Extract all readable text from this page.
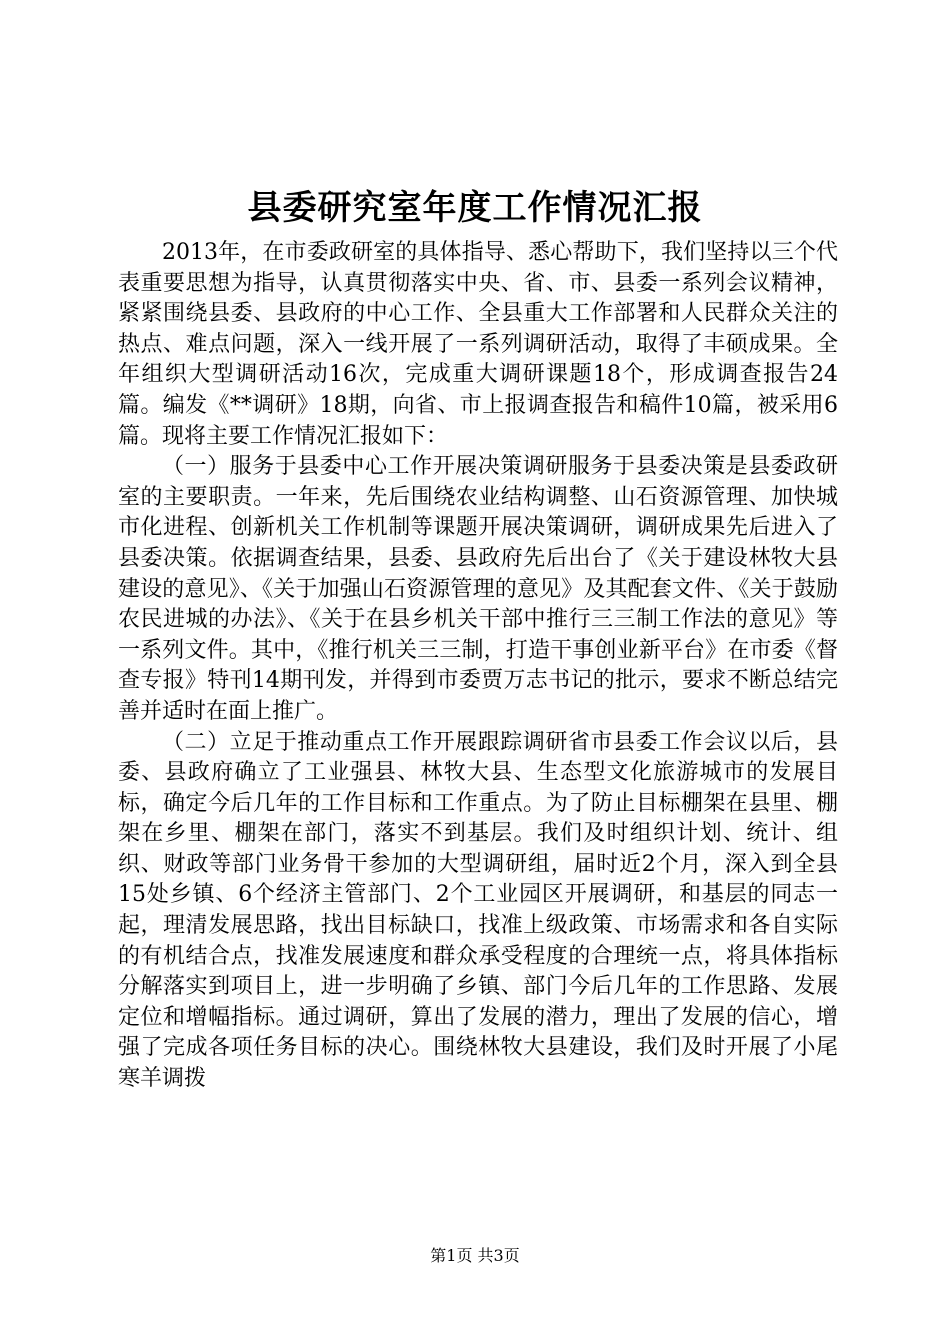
县委研究室年度工作情况汇报

2013年，在市委政研室的具体指导、悉心帮助下，我们坚持以三个代表重要思想为指导，认真贯彻落实中央、省、市、县委一系列会议精神，紧紧围绕县委、县政府的中心工作、全县重大工作部署和人民群众关注的热点、难点问题，深入一线开展了一系列调研活动，取得了丰硕成果。全年组织大型调研活动16次，完成重大调研课题18个，形成调查报告24篇。编发《**调研》18期，向省、市上报调查报告和稿件10篇，被采用6篇。现将主要工作情况汇报如下：

（一）服务于县委中心工作开展决策调研服务于县委决策是县委政研室的主要职责。一年来，先后围绕农业结构调整、山石资源管理、加快城市化进程、创新机关工作机制等课题开展决策调研，调研成果先后进入了县委决策。依据调查结果，县委、县政府先后出台了《关于建设林牧大县建设的意见》、《关于加强山石资源管理的意见》及其配套文件、《关于鼓励农民进城的办法》、《关于在县乡机关干部中推行三三制工作法的意见》等一系列文件。其中，《推行机关三三制，打造干事创业新平台》在市委《督查专报》特刊14期刊发，并得到市委贾万志书记的批示，要求不断总结完善并适时在面上推广。

（二）立足于推动重点工作开展跟踪调研省市县委工作会议以后，县委、县政府确立了工业强县、林牧大县、生态型文化旅游城市的发展目标，确定今后几年的工作目标和工作重点。为了防止目标棚架在县里、棚架在乡里、棚架在部门，落实不到基层。我们及时组织计划、统计、组织、财政等部门业务骨干参加的大型调研组，届时近2个月，深入到全县15处乡镇、6个经济主管部门、2个工业园区开展调研，和基层的同志一起，理清发展思路，找出目标缺口，找准上级政策、市场需求和各自实际的有机结合点，找准发展速度和群众承受程度的合理统一点，将具体指标分解落实到项目上，进一步明确了乡镇、部门今后几年的工作思路、发展定位和增幅指标。通过调研，算出了发展的潜力，理出了发展的信心，增强了完成各项任务目标的决心。围绕林牧大县建设，我们及时开展了小尾寒羊调拨

第1页 共3页
